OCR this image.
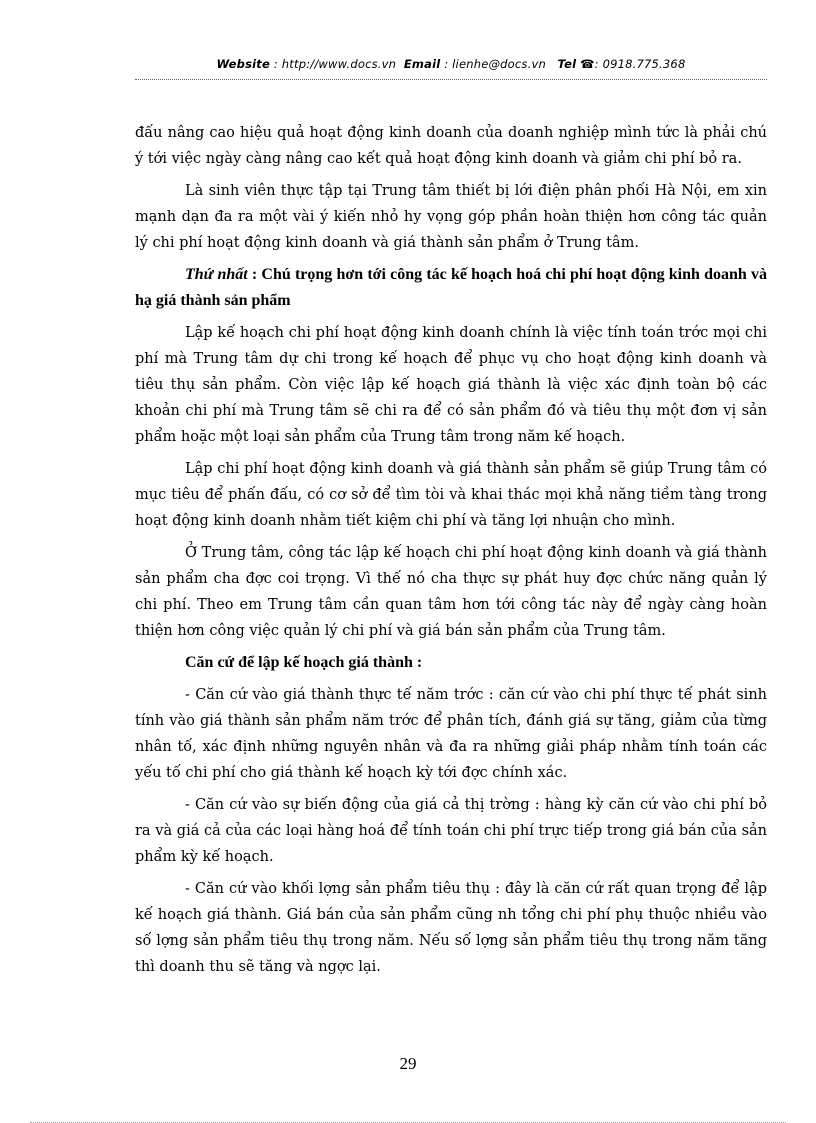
Website : http://www.docs.vn Email : lienhe@docs.vn Tel ☎: 0918.775.368

đấu nâng cao hiệu quả hoạt động kinh doanh của doanh nghiệp mình tức là phải chú ý tới việc ngày càng nâng cao kết quả hoạt động kinh doanh và giảm chi phí bỏ ra.

Là sinh viên thực tập tại Trung tâm thiết bị lới điện phân phối Hà Nội, em xin mạnh dạn đa ra một vài ý kiến nhỏ hy vọng góp phần hoàn thiện hơn công tác quản lý chi phí hoạt động kinh doanh và giá thành sản phẩm ở Trung tâm.

Thứ nhất : Chú trọng hơn tới công tác kế hoạch hoá chi phí hoạt động kinh doanh và hạ giá thành sản phẩm

Lập kế hoạch chi phí hoạt động kinh doanh chính là việc tính toán trớc mọi chi phí mà Trung tâm dự chi trong kế hoạch để phục vụ cho hoạt động kinh doanh và tiêu thụ sản phẩm. Còn việc lập kế hoạch giá thành là việc xác định toàn bộ các khoản chi phí mà Trung tâm sẽ chi ra để có sản phẩm đó và tiêu thụ một đơn vị sản phẩm hoặc một loại sản phẩm của Trung tâm trong năm kế hoạch.

Lập chi phí hoạt động kinh doanh và giá thành sản phẩm sẽ giúp Trung tâm có mục tiêu để phấn đấu, có cơ sở để tìm tòi và khai thác mọi khả năng tiềm tàng trong hoạt động kinh doanh nhằm tiết kiệm chi phí và tăng lợi nhuận cho mình.

Ở Trung tâm, công tác lập kế hoạch chi phí hoạt động kinh doanh và giá thành sản phẩm cha đợc coi trọng. Vì thế nó cha thực sự phát huy đợc chức năng quản lý chi phí. Theo em Trung tâm cần quan tâm hơn tới công tác này để ngày càng hoàn thiện hơn công việc quản lý chi phí và giá bán sản phẩm của Trung tâm.

Căn cứ để lập kế hoạch giá thành :

- Căn cứ vào giá thành thực tế năm trớc : căn cứ vào chi phí thực tế phát sinh tính vào giá thành sản phẩm năm trớc để phân tích, đánh giá sự tăng, giảm của từng nhân tố, xác định những nguyên nhân và đa ra những giải pháp nhằm tính toán các yếu tố chi phí cho giá thành kế hoạch kỳ tới đợc chính xác.

- Căn cứ vào sự biến động của giá cả thị trờng : hàng kỳ căn cứ vào chi phí bỏ ra và giá cả của các loại hàng hoá để tính toán chi phí trực tiếp trong giá bán của sản phẩm kỳ kế hoạch.

- Căn cứ vào khối lợng sản phẩm tiêu thụ : đây là căn cứ rất quan trọng để lập kế hoạch giá thành. Giá bán của sản phẩm cũng nh tổng chi phí phụ thuộc nhiều vào số lợng sản phẩm tiêu thụ trong năm. Nếu số lợng sản phẩm tiêu thụ trong năm tăng thì doanh thu sẽ tăng và ngợc lại.

29
